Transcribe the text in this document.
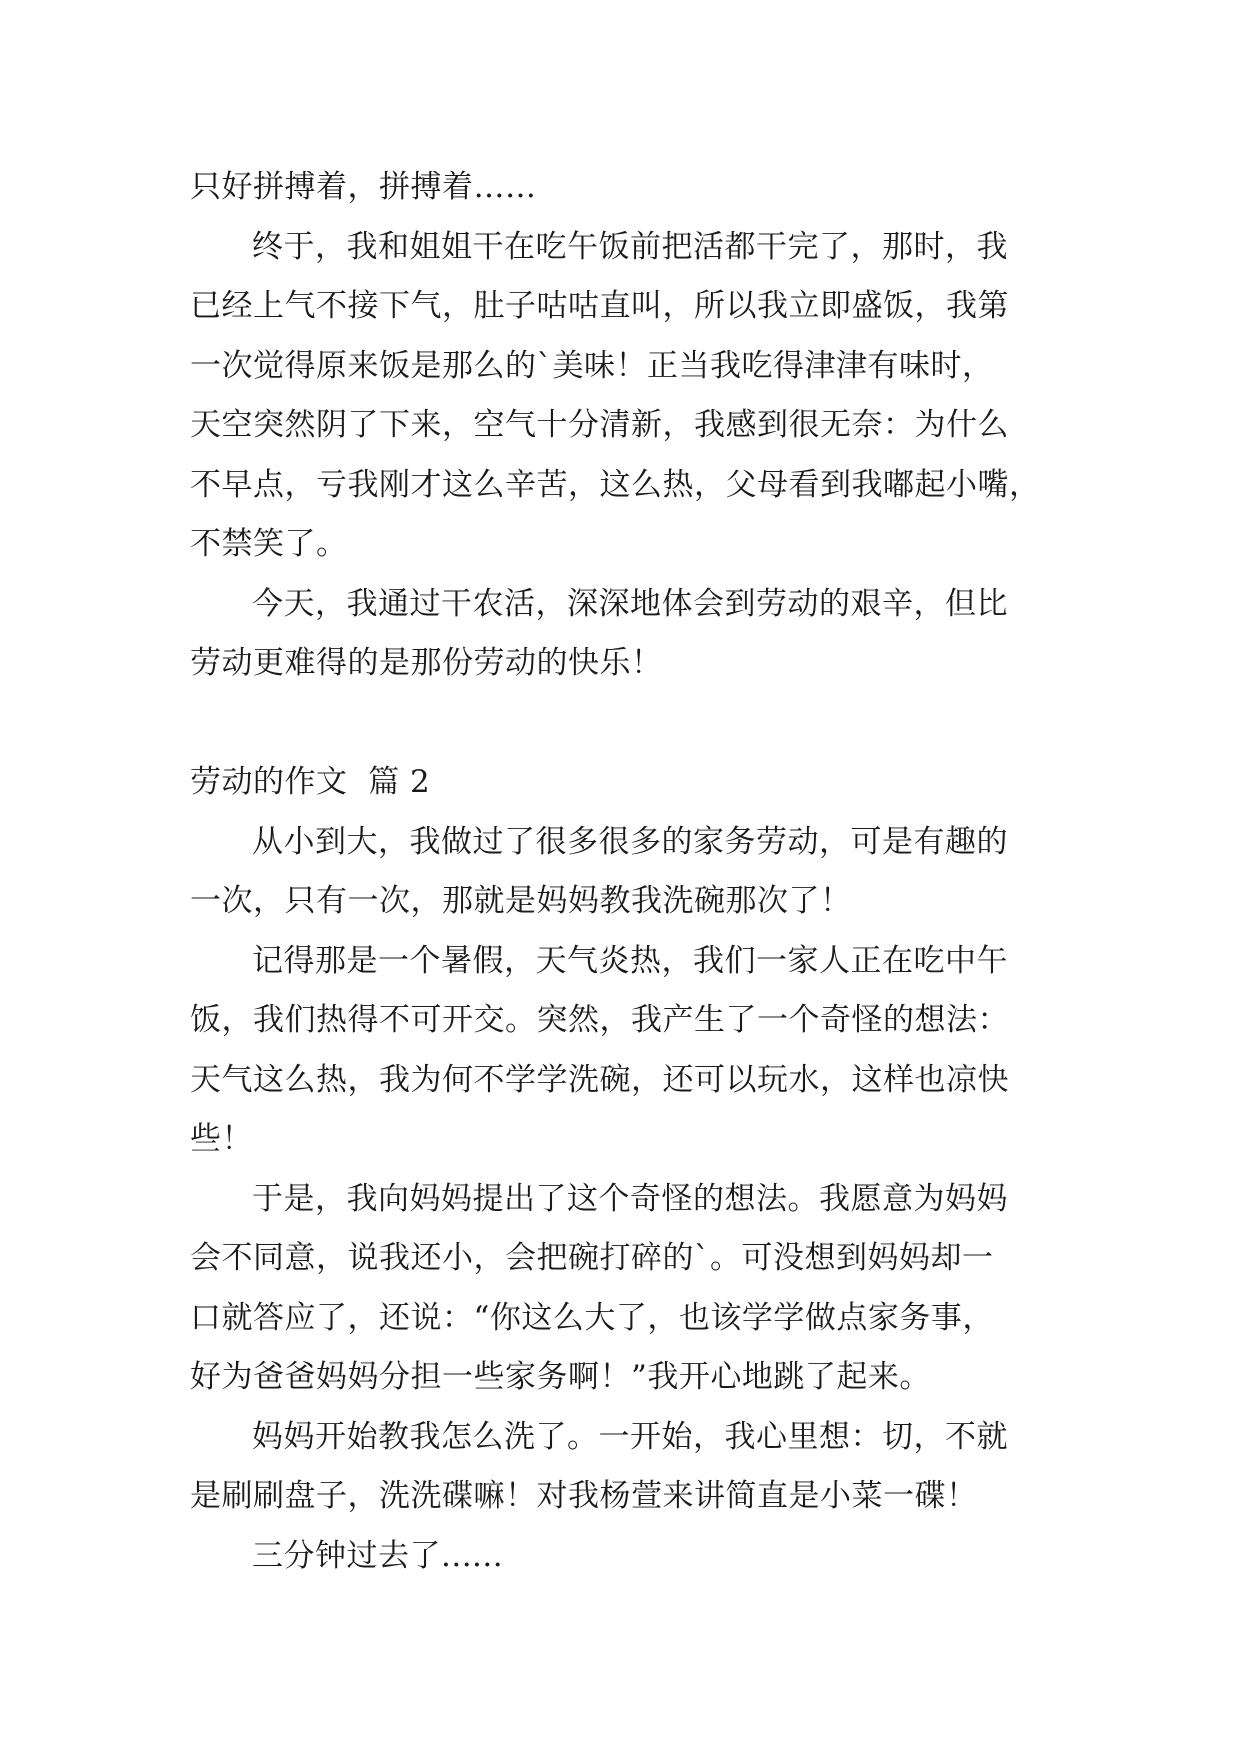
只好拼搏着，拼搏着……

终于，我和姐姐干在吃午饭前把活都干完了，那时，我
已经上气不接下气，肚子咕咕直叫，所以我立即盛饭，我第
一次觉得原来饭是那么的`美味！正当我吃得津津有味时，
天空突然阴了下来，空气十分清新，我感到很无奈：为什么
不早点，亏我刚才这么辛苦，这么热，父母看到我嘟起小嘴，
不禁笑了。

今天，我通过干农活，深深地体会到劳动的艰辛，但比
劳动更难得的是那份劳动的快乐！

劳动的作文  篇 2

从小到大，我做过了很多很多的家务劳动，可是有趣的
一次，只有一次，那就是妈妈教我洗碗那次了！

记得那是一个暑假，天气炎热，我们一家人正在吃中午
饭，我们热得不可开交。突然，我产生了一个奇怪的想法：
天气这么热，我为何不学学洗碗，还可以玩水，这样也凉快
些！

于是，我向妈妈提出了这个奇怪的想法。我愿意为妈妈
会不同意，说我还小，会把碗打碎的`。可没想到妈妈却一
口就答应了，还说：“你这么大了，也该学学做点家务事，
好为爸爸妈妈分担一些家务啊！”我开心地跳了起来。

妈妈开始教我怎么洗了。一开始，我心里想：切，不就
是刷刷盘子，洗洗碟嘛！对我杨萱来讲简直是小菜一碟！

三分钟过去了......
